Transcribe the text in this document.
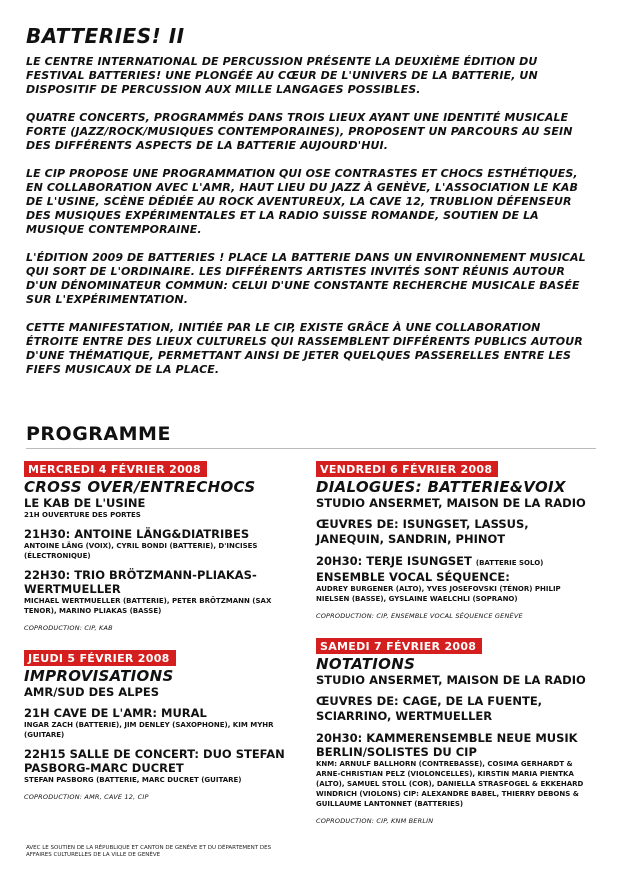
BATTERIES! II

LE CENTRE INTERNATIONAL DE PERCUSSION PRÉSENTE LA DEUXIÈME ÉDITION DU FESTIVAL BATTERIES! UNE PLONGÉE AU CŒUR DE L'UNIVERS DE LA BATTERIE, UN DISPOSITIF DE PERCUSSION AUX MILLE LANGAGES POSSIBLES.

QUATRE CONCERTS, PROGRAMMÉS DANS TROIS LIEUX AYANT UNE IDENTITÉ MUSICALE FORTE (JAZZ/ROCK/MUSIQUES CONTEMPORAINES), PROPOSENT UN PARCOURS AU SEIN DES DIFFÉRENTS ASPECTS DE LA BATTERIE AUJOURD'HUI.

LE CIP PROPOSE UNE PROGRAMMATION QUI OSE CONTRASTES ET CHOCS ESTHÉTIQUES, EN COLLABORATION AVEC L'AMR, HAUT LIEU DU JAZZ À GENÈVE, L'ASSOCIATION LE KAB DE L'USINE, SCÈNE DÉDIÉE AU ROCK AVENTUREUX, LA CAVE 12, TRUBLION DÉFENSEUR DES MUSIQUES EXPÉRIMENTALES ET LA RADIO SUISSE ROMANDE, SOUTIEN DE LA MUSIQUE CONTEMPORAINE.

L'ÉDITION 2009 DE BATTERIES ! PLACE LA BATTERIE DANS UN ENVIRONNEMENT MUSICAL QUI SORT DE L'ORDINAIRE. LES DIFFÉRENTS ARTISTES INVITÉS SONT RÉUNIS AUTOUR D'UN DÉNOMINATEUR COMMUN: CELUI D'UNE CONSTANTE RECHERCHE MUSICALE BASÉE SUR L'EXPÉRIMENTATION.

CETTE MANIFESTATION, INITIÉE PAR LE CIP, EXISTE GRÂCE À UNE COLLABORATION ÉTROITE ENTRE DES LIEUX CULTURELS QUI RASSEMBLENT DIFFÉRENTS PUBLICS AUTOUR D'UNE THÉMATIQUE, PERMETTANT AINSI DE JETER QUELQUES PASSERELLES ENTRE LES FIEFS MUSICAUX DE LA PLACE.

PROGRAMME
MERCREDI 4 FÉVRIER 2008
CROSS OVER/ENTRECHOCS
LE KAB DE L'USINE
21H OUVERTURE DES PORTES
21H30: ANTOINE LÄNG&DIATRIBES
ANTOINE LÄNG (VOIX), CYRIL BONDI (BATTERIE), D'INCISES (ÉLECTRONIQUE)
22H30: TRIO BRÖTZMANN-PLIAKAS-WERTMUELLER
MICHAEL WERTMUELLER (BATTERIE), PETER BRÖTZMANN (SAX TENOR), MARINO PLIAKAS (BASSE)
COPRODUCTION: CIP, KAB
JEUDI 5 FÉVRIER 2008
IMPROVISATIONS
AMR/SUD DES ALPES
21H CAVE DE L'AMR: MURAL
INGAR ZACH (BATTERIE), JIM DENLEY (SAXOPHONE), KIM MYHR (GUITARE)
22H15 SALLE DE CONCERT: DUO STEFAN PASBORG-MARC DUCRET
STEFAN PASBORG (BATTERIE, MARC DUCRET (GUITARE)
COPRODUCTION: AMR, CAVE 12, CIP
VENDREDI 6 FÉVRIER 2008
DIALOGUES: BATTERIE&VOIX
STUDIO ANSERMET, MAISON DE LA RADIO
ŒUVRES DE: ISUNGSET, LASSUS, JANEQUIN, SANDRIN, PHINOT
20H30: TERJE ISUNGSET (BATTERIE SOLO)
ENSEMBLE VOCAL SÉQUENCE:
AUDREY BURGENER (ALTO), YVES JOSEFOVSKI (TÉNOR) PHILIP NIELSEN (BASSE), GYSLAINE WAELCHLI (SOPRANO)
COPRODUCTION: CIP, ENSEMBLE VOCAL SÉQUENCE GENÈVE
SAMEDI 7 FÉVRIER 2008
NOTATIONS
STUDIO ANSERMET, MAISON DE LA RADIO
ŒUVRES DE: CAGE, DE LA FUENTE, SCIARRINO, WERTMUELLER
20H30: KAMMERENSEMBLE NEUE MUSIK BERLIN/SOLISTES DU CIP
KNM: ARNULF BALLHORN (CONTREBASSE), COSIMA GERHARDT & ARNE-CHRISTIAN PELZ (VIOLONCELLES), KIRSTIN MARIA PIENTKA (ALTO), SAMUEL STOLL (COR), DANIELLA STRASFOGEL & EKKEHARD WINDRICH (VIOLONS) CIP: ALEXANDRE BABEL, THIERRY DEBONS & GUILLAUME LANTONNET (BATTERIES)
COPRODUCTION: CIP, KNM BERLIN
AVEC LE SOUTIEN DE LA RÉPUBLIQUE ET CANTON DE GENÈVE ET DU DÉPARTEMENT DES AFFAIRES CULTURELLES DE LA VILLE DE GENÈVE
